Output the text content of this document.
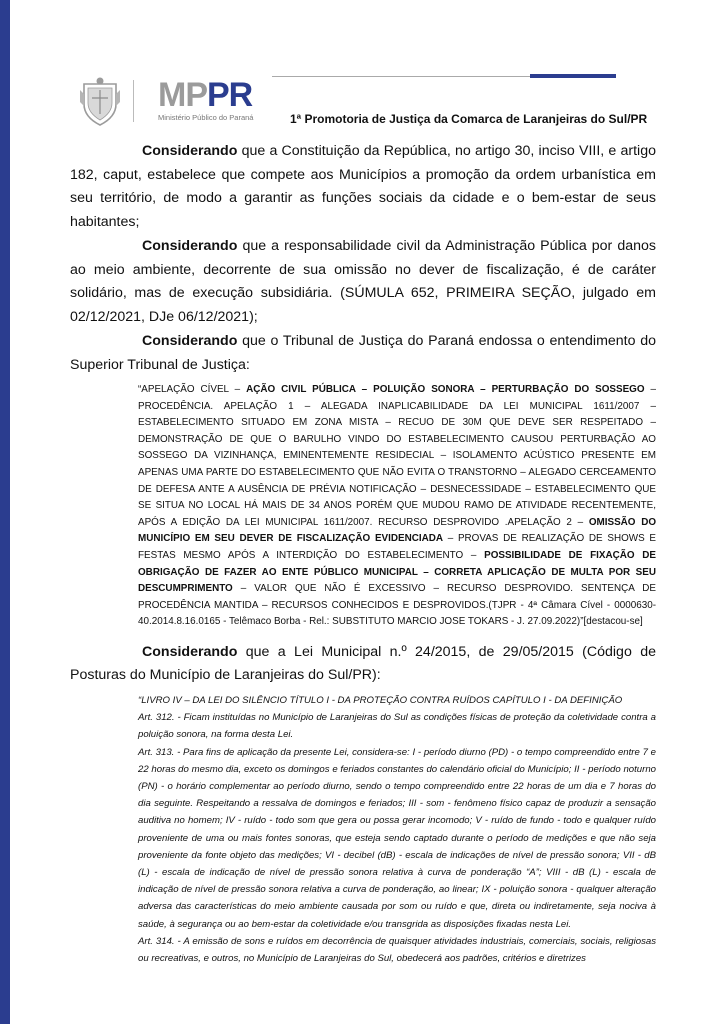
MPPR
Ministério Público do Paraná	1ª Promotoria de Justiça da Comarca de Laranjeiras do Sul/PR

Considerando que a Constituição da República, no artigo 30, inciso VIII, e artigo 182, caput, estabelece que compete aos Municípios a promoção da ordem urbanística em seu território, de modo a garantir as funções sociais da cidade e o bem-estar de seus habitantes;

Considerando que a responsabilidade civil da Administração Pública por danos ao meio ambiente, decorrente de sua omissão no dever de fiscalização, é de caráter solidário, mas de execução subsidiária. (SÚMULA 652, PRIMEIRA SEÇÃO, julgado em 02/12/2021, DJe 06/12/2021);

Considerando que o Tribunal de Justiça do Paraná endossa o entendimento do Superior Tribunal de Justiça:

“APELAÇÃO CÍVEL – AÇÃO CIVIL PÚBLICA – POLUIÇÃO SONORA – PERTURBAÇÃO DO SOSSEGO – PROCEDÊNCIA. APELAÇÃO 1 – ALEGADA INAPLICABILIDADE DA LEI MUNICIPAL 1611/2007 – ESTABELECIMENTO SITUADO EM ZONA MISTA – RECUO DE 30M QUE DEVE SER RESPEITADO – DEMONSTRAÇÃO DE QUE O BARULHO VINDO DO ESTABELECIMENTO CAUSOU PERTURBAÇÃO AO SOSSEGO DA VIZINHANÇA, EMINENTEMENTE RESIDECIAL – ISOLAMENTO ACÚSTICO PRESENTE EM APENAS UMA PARTE DO ESTABELECIMENTO QUE NÃO EVITA O TRANSTORNO – ALEGADO CERCEAMENTO DE DEFESA ANTE A AUSÊNCIA DE PRÉVIA NOTIFICAÇÃO – DESNECESSIDADE – ESTABELECIMENTO QUE SE SITUA NO LOCAL HÁ MAIS DE 34 ANOS PORÉM QUE MUDOU RAMO DE ATIVIDADE RECENTEMENTE, APÓS A EDIÇÃO DA LEI MUNICIPAL 1611/2007. RECURSO DESPROVIDO .APELAÇÃO 2 – OMISSÃO DO MUNICÍPIO EM SEU DEVER DE FISCALIZAÇÃO EVIDENCIADA – PROVAS DE REALIZAÇÃO DE SHOWS E FESTAS MESMO APÓS A INTERDIÇÃO DO ESTABELECIMENTO – POSSIBILIDADE DE FIXAÇÃO DE OBRIGAÇÃO DE FAZER AO ENTE PÚBLICO MUNICIPAL – CORRETA APLICAÇÃO DE MULTA POR SEU DESCUMPRIMENTO – VALOR QUE NÃO É EXCESSIVO – RECURSO DESPROVIDO. SENTENÇA DE PROCEDÊNCIA MANTIDA – RECURSOS CONHECIDOS E DESPROVIDOS.(TJPR - 4ª Câmara Cível - 0000630-40.2014.8.16.0165 - Telêmaco Borba - Rel.: SUBSTITUTO MARCIO JOSE TOKARS - J. 27.09.2022)”[destacou-se]

Considerando que a Lei Municipal n.º 24/2015, de 29/05/2015 (Código de Posturas do Município de Laranjeiras do Sul/PR):

“LIVRO IV – DA LEI DO SILÊNCIO TÍTULO I - DA PROTEÇÃO CONTRA RUÍDOS CAPÍTULO I - DA DEFINIÇÃO

Art. 312. - Ficam instituídas no Município de Laranjeiras do Sul as condições físicas de proteção da coletividade contra a poluição sonora, na forma desta Lei.

Art. 313. - Para fins de aplicação da presente Lei, considera-se: I - período diurno (PD) - o tempo compreendido entre 7 e 22 horas do mesmo dia, exceto os domingos e feriados constantes do calendário oficial do Município; II - período noturno (PN) - o horário complementar ao período diurno, sendo o tempo compreendido entre 22 horas de um dia e 7 horas do dia seguinte. Respeitando a ressalva de domingos e feriados; III - som - fenômeno físico capaz de produzir a sensação auditiva no homem; IV - ruído - todo som que gera ou possa gerar incomodo; V - ruído de fundo - todo e qualquer ruído proveniente de uma ou mais fontes sonoras, que esteja sendo captado durante o período de medições e que não seja proveniente da fonte objeto das medições; VI - decibel (dB) - escala de indicações de nível de pressão sonora; VII - dB (L) - escala de indicação de nível de pressão sonora relativa à curva de ponderação “A”; VIII - dB (L) - escala de indicação de nível de pressão sonora relativa a curva de ponderação, ao linear; IX - poluição sonora - qualquer alteração adversa das características do meio ambiente causada por som ou ruído e que, direta ou indiretamente, seja nociva à saúde, à segurança ou ao bem-estar da coletividade e/ou transgrida as disposições fixadas nesta Lei.

Art. 314. - A emissão de sons e ruídos em decorrência de quaisquer atividades industriais, comerciais, sociais, religiosas ou recreativas, e outros, no Município de Laranjeiras do Sul, obedecerá aos padrões, critérios e diretrizes
